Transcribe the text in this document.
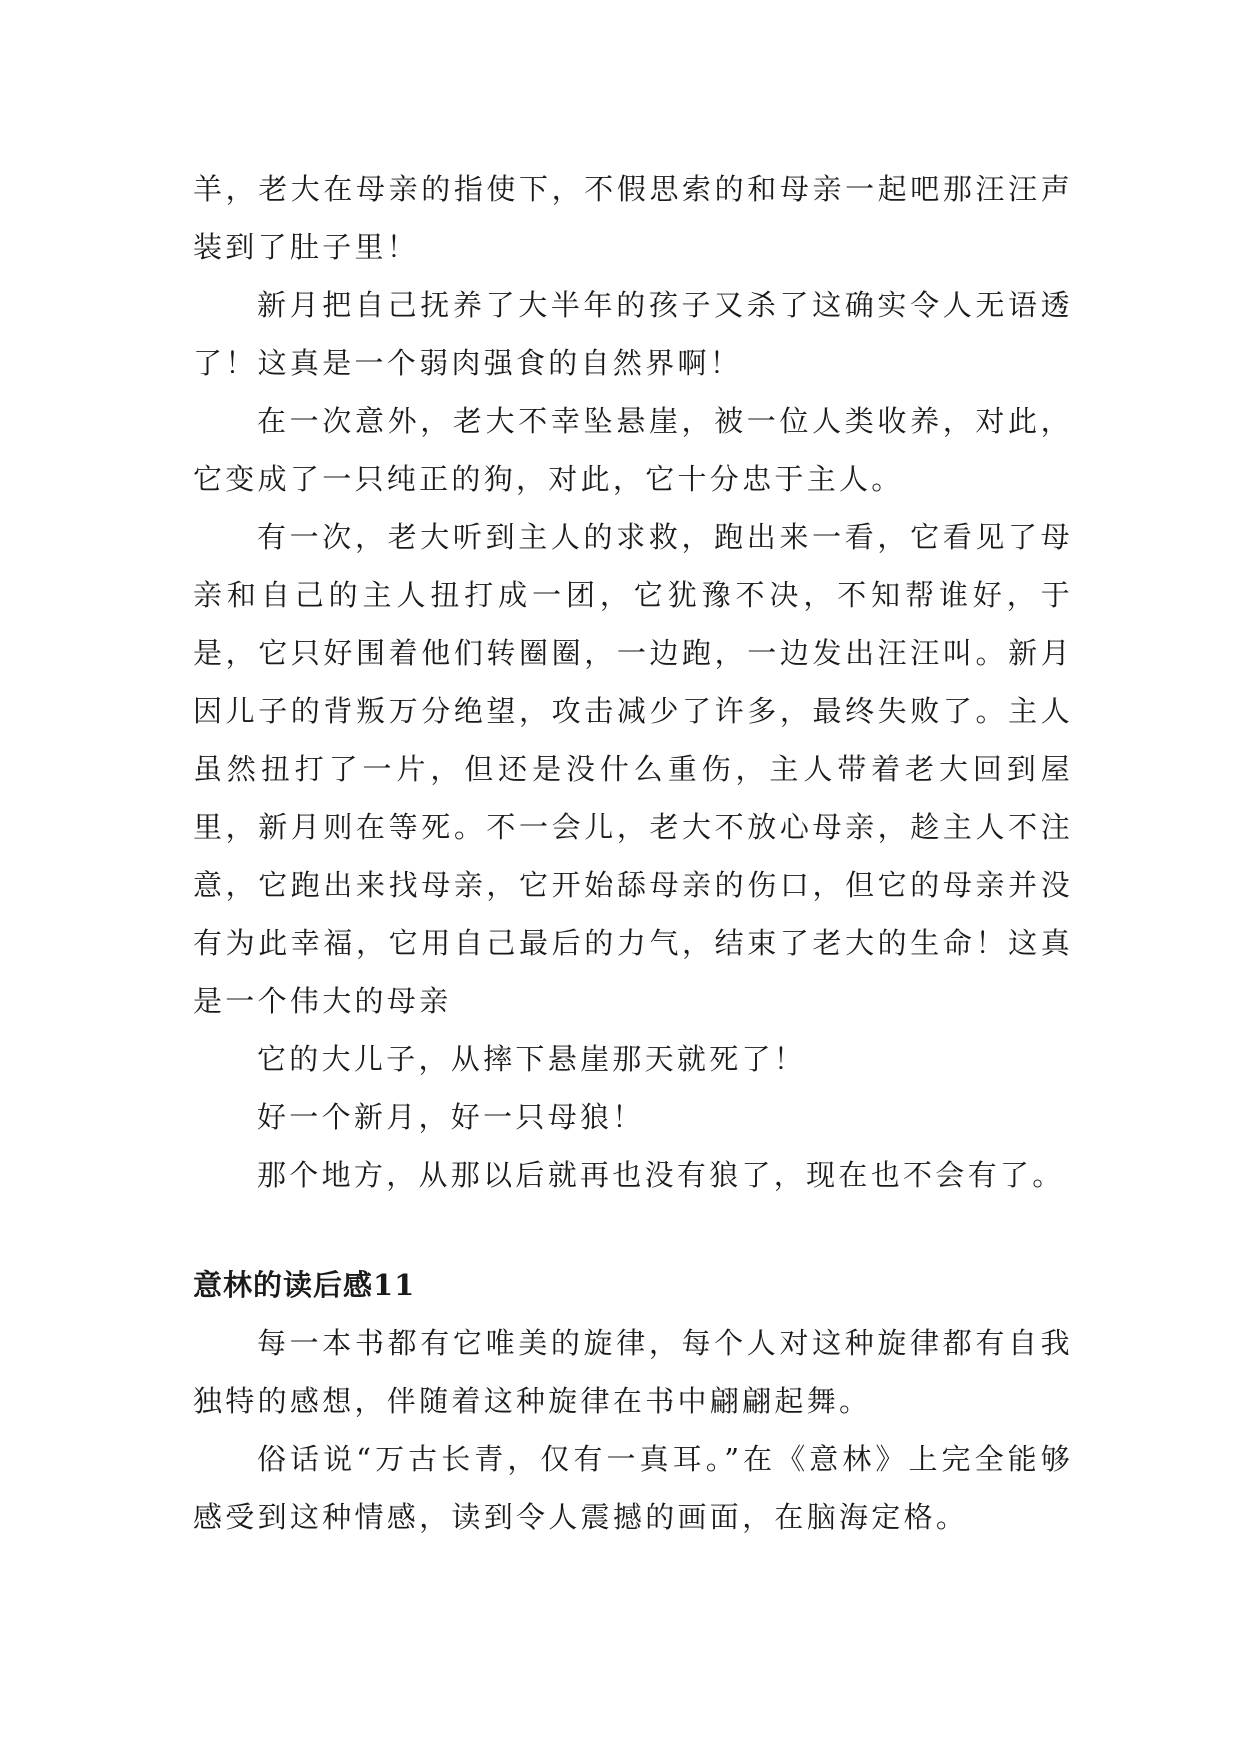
羊，老大在母亲的指使下，不假思索的和母亲一起吧那汪汪声装到了肚子里！

新月把自己抚养了大半年的孩子又杀了这确实令人无语透了！这真是一个弱肉强食的自然界啊！

在一次意外，老大不幸坠悬崖，被一位人类收养，对此，它变成了一只纯正的狗，对此，它十分忠于主人。

有一次，老大听到主人的求救，跑出来一看，它看见了母亲和自己的主人扭打成一团，它犹豫不决，不知帮谁好，于是，它只好围着他们转圈圈，一边跑，一边发出汪汪叫。新月因儿子的背叛万分绝望，攻击减少了许多，最终失败了。主人虽然扭打了一片，但还是没什么重伤，主人带着老大回到屋里，新月则在等死。不一会儿，老大不放心母亲，趁主人不注意，它跑出来找母亲，它开始舔母亲的伤口，但它的母亲并没有为此幸福，它用自己最后的力气，结束了老大的生命！这真是一个伟大的母亲

它的大儿子，从摔下悬崖那天就死了！

好一个新月，好一只母狼！

那个地方，从那以后就再也没有狼了，现在也不会有了。

意林的读后感11

每一本书都有它唯美的旋律，每个人对这种旋律都有自我独特的感想，伴随着这种旋律在书中翩翩起舞。

俗话说“万古长青，仅有一真耳。”在《意林》上完全能够感受到这种情感，读到令人震撼的画面，在脑海定格。
